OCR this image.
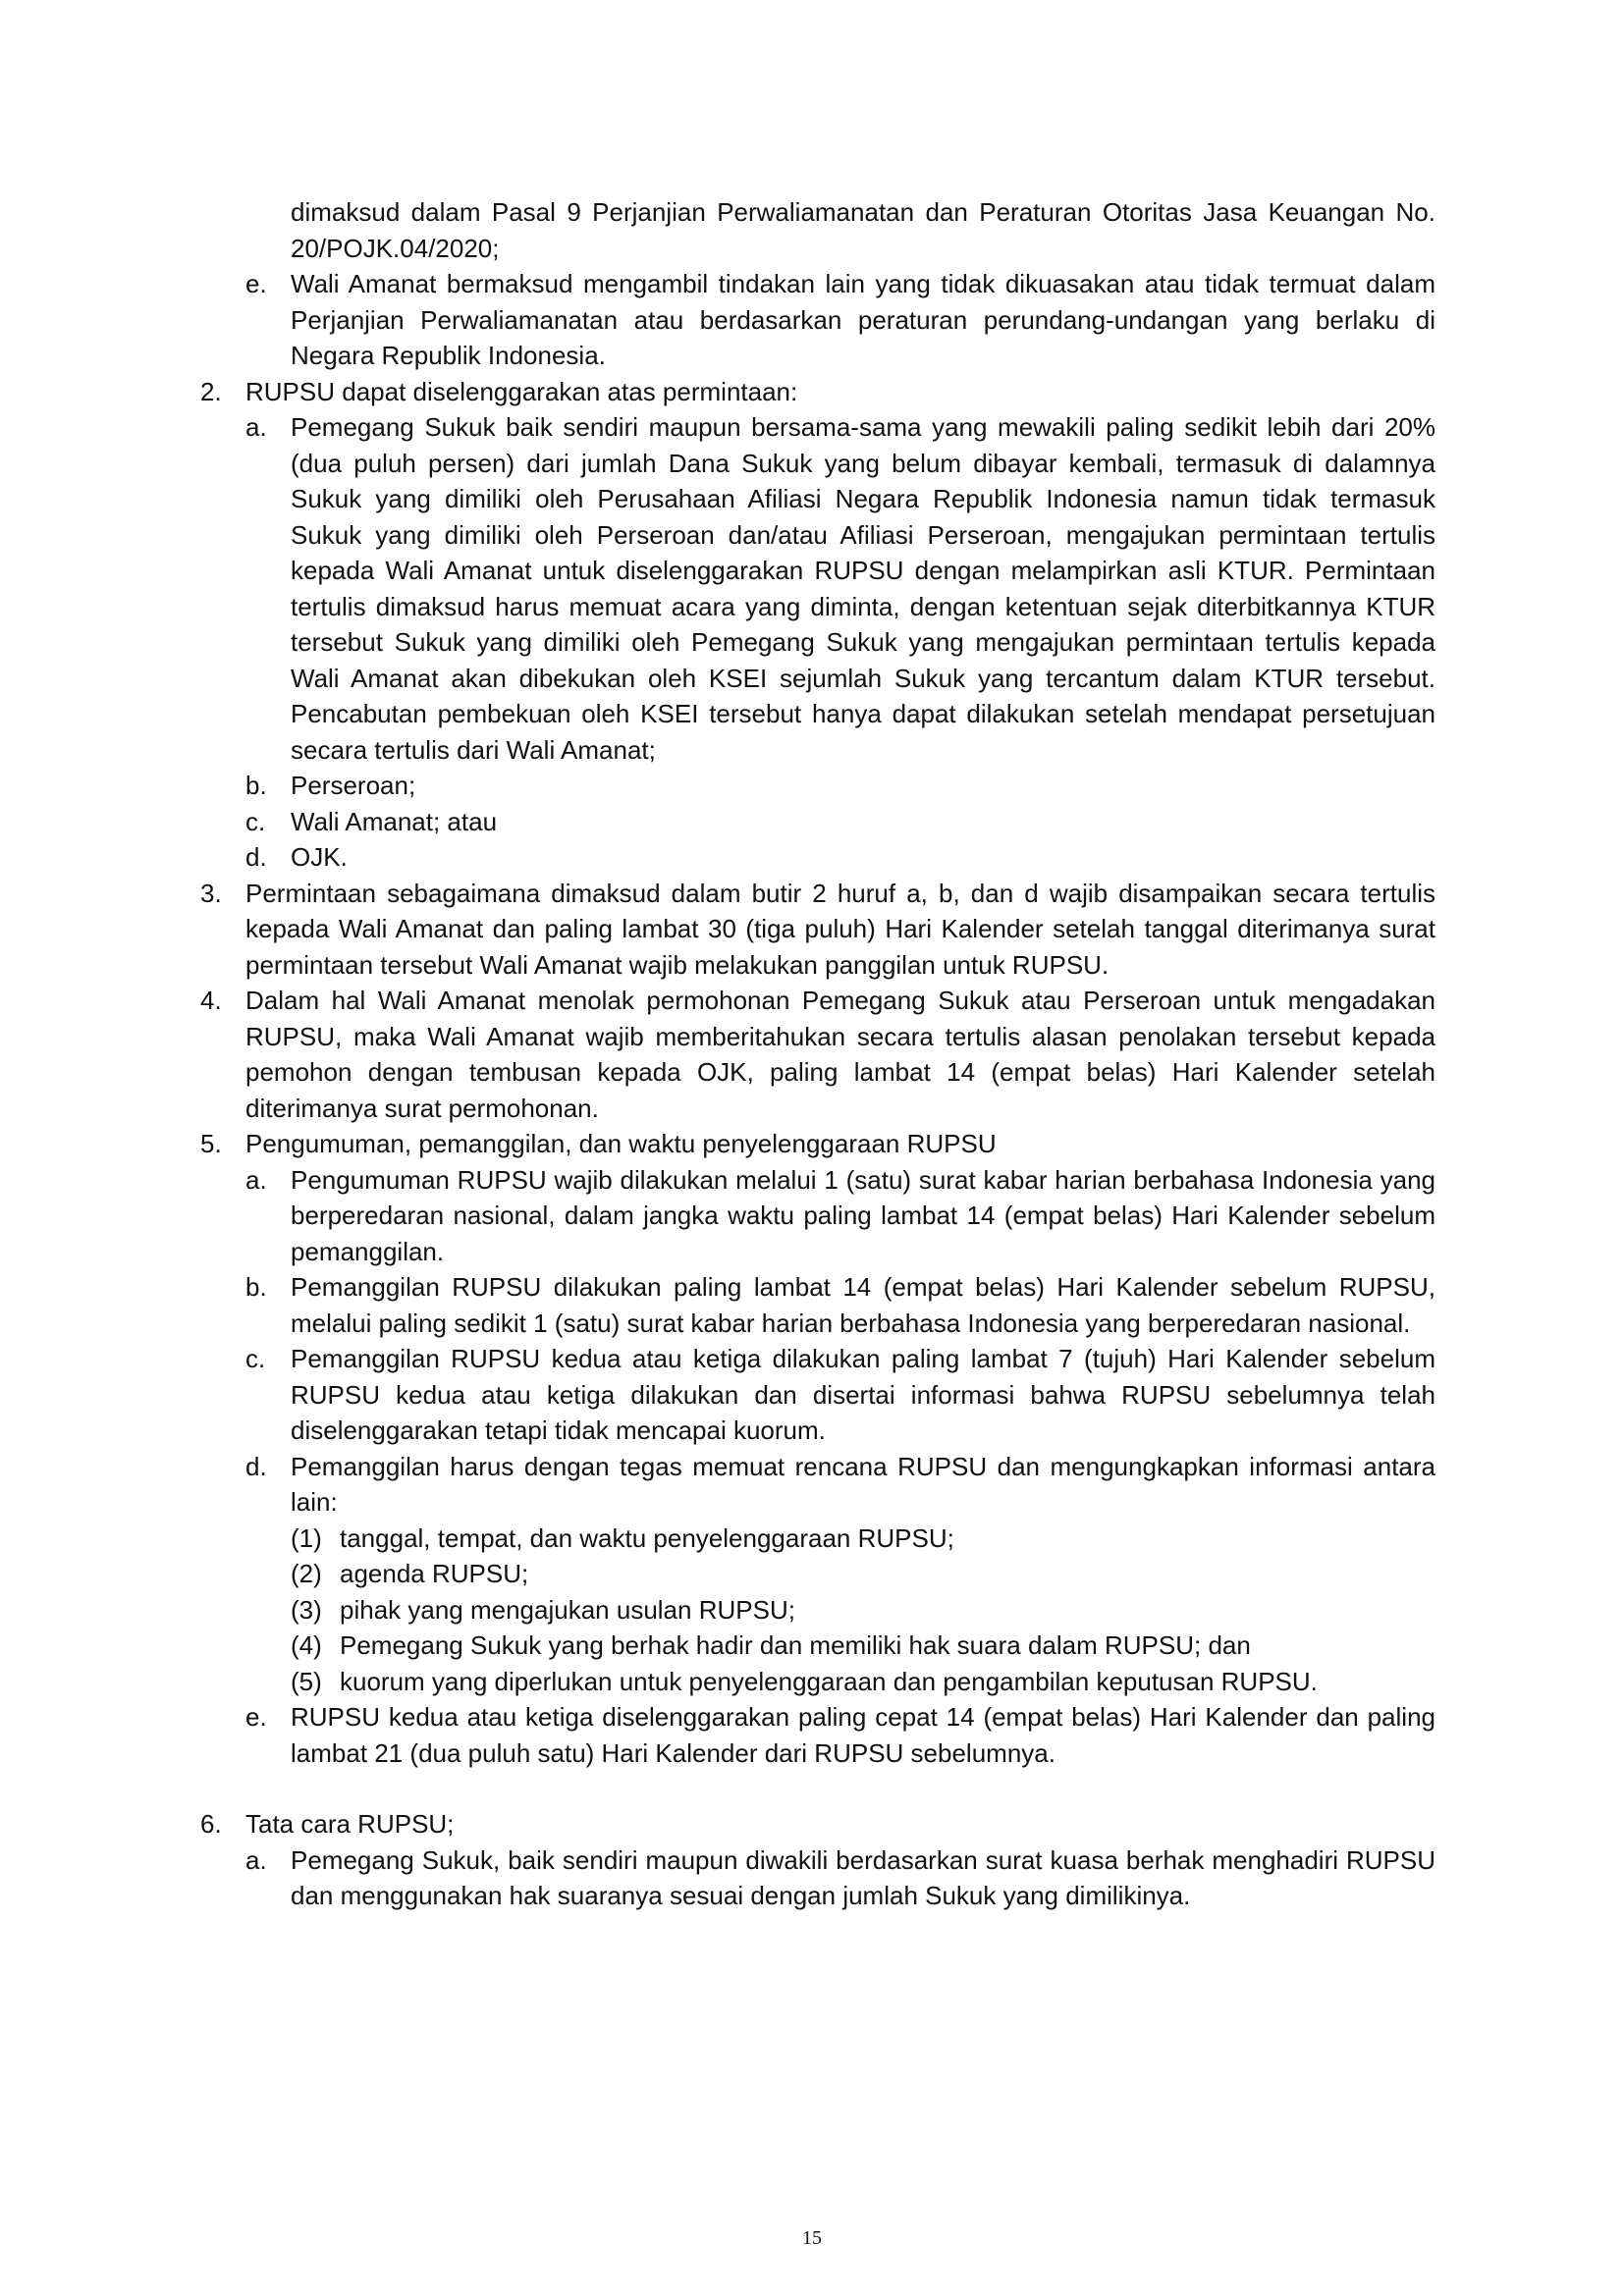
dimaksud dalam Pasal 9 Perjanjian Perwaliamanatan dan Peraturan Otoritas Jasa Keuangan No. 20/POJK.04/2020;
e. Wali Amanat bermaksud mengambil tindakan lain yang tidak dikuasakan atau tidak termuat dalam Perjanjian Perwaliamanatan atau berdasarkan peraturan perundang-undangan yang berlaku di Negara Republik Indonesia.
2. RUPSU dapat diselenggarakan atas permintaan:
a. Pemegang Sukuk baik sendiri maupun bersama-sama yang mewakili paling sedikit lebih dari 20% (dua puluh persen) dari jumlah Dana Sukuk yang belum dibayar kembali, termasuk di dalamnya Sukuk yang dimiliki oleh Perusahaan Afiliasi Negara Republik Indonesia namun tidak termasuk Sukuk yang dimiliki oleh Perseroan dan/atau Afiliasi Perseroan, mengajukan permintaan tertulis kepada Wali Amanat untuk diselenggarakan RUPSU dengan melampirkan asli KTUR. Permintaan tertulis dimaksud harus memuat acara yang diminta, dengan ketentuan sejak diterbitkannya KTUR tersebut Sukuk yang dimiliki oleh Pemegang Sukuk yang mengajukan permintaan tertulis kepada Wali Amanat akan dibekukan oleh KSEI sejumlah Sukuk yang tercantum dalam KTUR tersebut. Pencabutan pembekuan oleh KSEI tersebut hanya dapat dilakukan setelah mendapat persetujuan secara tertulis dari Wali Amanat;
b. Perseroan;
c. Wali Amanat; atau
d. OJK.
3. Permintaan sebagaimana dimaksud dalam butir 2 huruf a, b, dan d wajib disampaikan secara tertulis kepada Wali Amanat dan paling lambat 30 (tiga puluh) Hari Kalender setelah tanggal diterimanya surat permintaan tersebut Wali Amanat wajib melakukan panggilan untuk RUPSU.
4. Dalam hal Wali Amanat menolak permohonan Pemegang Sukuk atau Perseroan untuk mengadakan RUPSU, maka Wali Amanat wajib memberitahukan secara tertulis alasan penolakan tersebut kepada pemohon dengan tembusan kepada OJK, paling lambat 14 (empat belas) Hari Kalender setelah diterimanya surat permohonan.
5. Pengumuman, pemanggilan, dan waktu penyelenggaraan RUPSU
a. Pengumuman RUPSU wajib dilakukan melalui 1 (satu) surat kabar harian berbahasa Indonesia yang berperedaran nasional, dalam jangka waktu paling lambat 14 (empat belas) Hari Kalender sebelum pemanggilan.
b. Pemanggilan RUPSU dilakukan paling lambat 14 (empat belas) Hari Kalender sebelum RUPSU, melalui paling sedikit 1 (satu) surat kabar harian berbahasa Indonesia yang berperedaran nasional.
c. Pemanggilan RUPSU kedua atau ketiga dilakukan paling lambat 7 (tujuh) Hari Kalender sebelum RUPSU kedua atau ketiga dilakukan dan disertai informasi bahwa RUPSU sebelumnya telah diselenggarakan tetapi tidak mencapai kuorum.
d. Pemanggilan harus dengan tegas memuat rencana RUPSU dan mengungkapkan informasi antara lain:
(1) tanggal, tempat, dan waktu penyelenggaraan RUPSU;
(2) agenda RUPSU;
(3) pihak yang mengajukan usulan RUPSU;
(4) Pemegang Sukuk yang berhak hadir dan memiliki hak suara dalam RUPSU; dan
(5) kuorum yang diperlukan untuk penyelenggaraan dan pengambilan keputusan RUPSU.
e. RUPSU kedua atau ketiga diselenggarakan paling cepat 14 (empat belas) Hari Kalender dan paling lambat 21 (dua puluh satu) Hari Kalender dari RUPSU sebelumnya.
6. Tata cara RUPSU;
a. Pemegang Sukuk, baik sendiri maupun diwakili berdasarkan surat kuasa berhak menghadiri RUPSU dan menggunakan hak suaranya sesuai dengan jumlah Sukuk yang dimilikinya.
15
